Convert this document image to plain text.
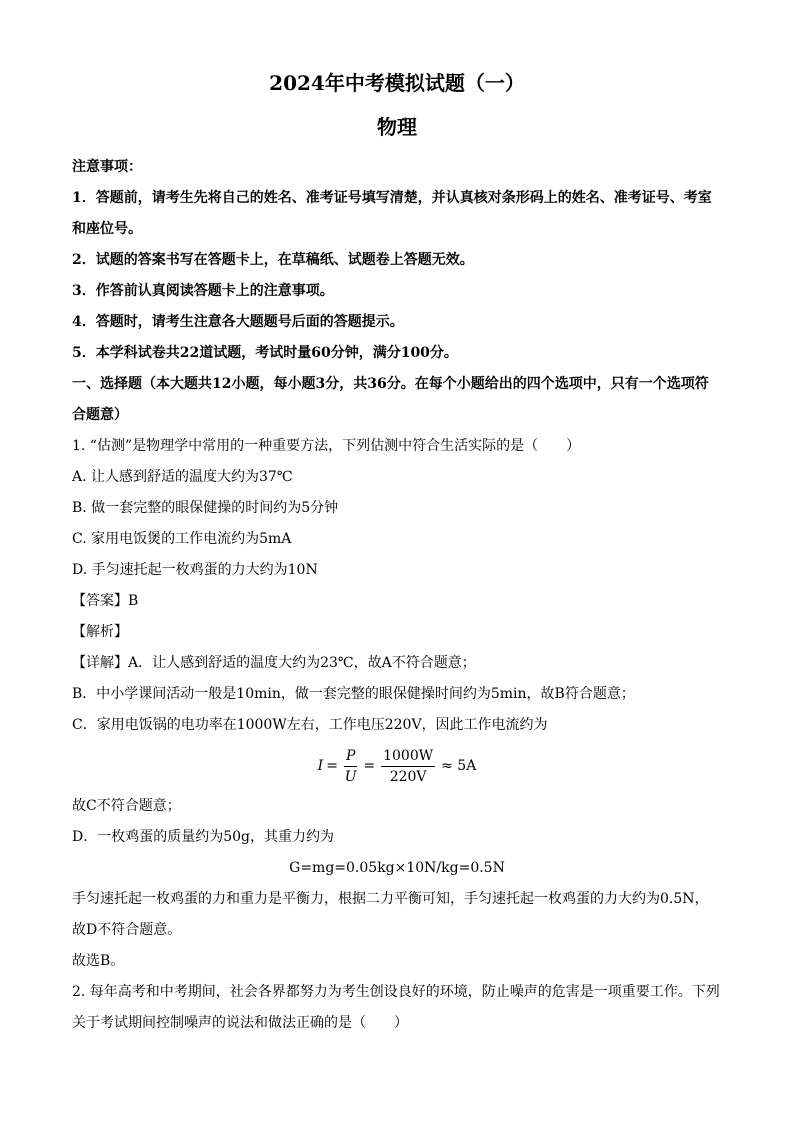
2024年中考模拟试题（一）
物理
注意事项：
1．答题前，请考生先将自己的姓名、准考证号填写清楚，并认真核对条形码上的姓名、准考证号、考室和座位号。
2．试题的答案书写在答题卡上，在草稿纸、试题卷上答题无效。
3．作答前认真阅读答题卡上的注意事项。
4．答题时，请考生注意各大题题号后面的答题提示。
5．本学科试卷共22道试题，考试时量60分钟，满分100分。
一、选择题（本大题共12小题，每小题3分，共36分。在每个小题给出的四个选项中，只有一个选项符合题意）
1. “估测”是物理学中常用的一种重要方法，下列估测中符合生活实际的是（　　）
A. 让人感到舒适的温度大约为37℃
B. 做一套完整的眼保健操的时间约为5分钟
C. 家用电饭煲的工作电流约为5mA
D. 手匀速托起一枚鸡蛋的力大约为10N
【答案】B
【解析】
【详解】A．让人感到舒适的温度大约为23℃，故A不符合题意；
B．中小学课间活动一般是10min，做一套完整的眼保健操时间约为5min，故B符合题意；
C．家用电饭锅的电功率在1000W左右，工作电压220V，因此工作电流约为
$I = \frac{P}{U} = \frac{1000W}{220V} \approx 5A$
故C不符合题意；
D．一枚鸡蛋的质量约为50g，其重力约为
G=mg=0.05kg×10N/kg=0.5N
手匀速托起一枚鸡蛋的力和重力是平衡力，根据二力平衡可知，手匀速托起一枚鸡蛋的力大约为0.5N，
故D不符合题意。
故选B。
2. 每年高考和中考期间，社会各界都努力为考生创设良好的环境，防止噪声的危害是一项重要工作。下列关于考试期间控制噪声的说法和做法正确的是（　　）
